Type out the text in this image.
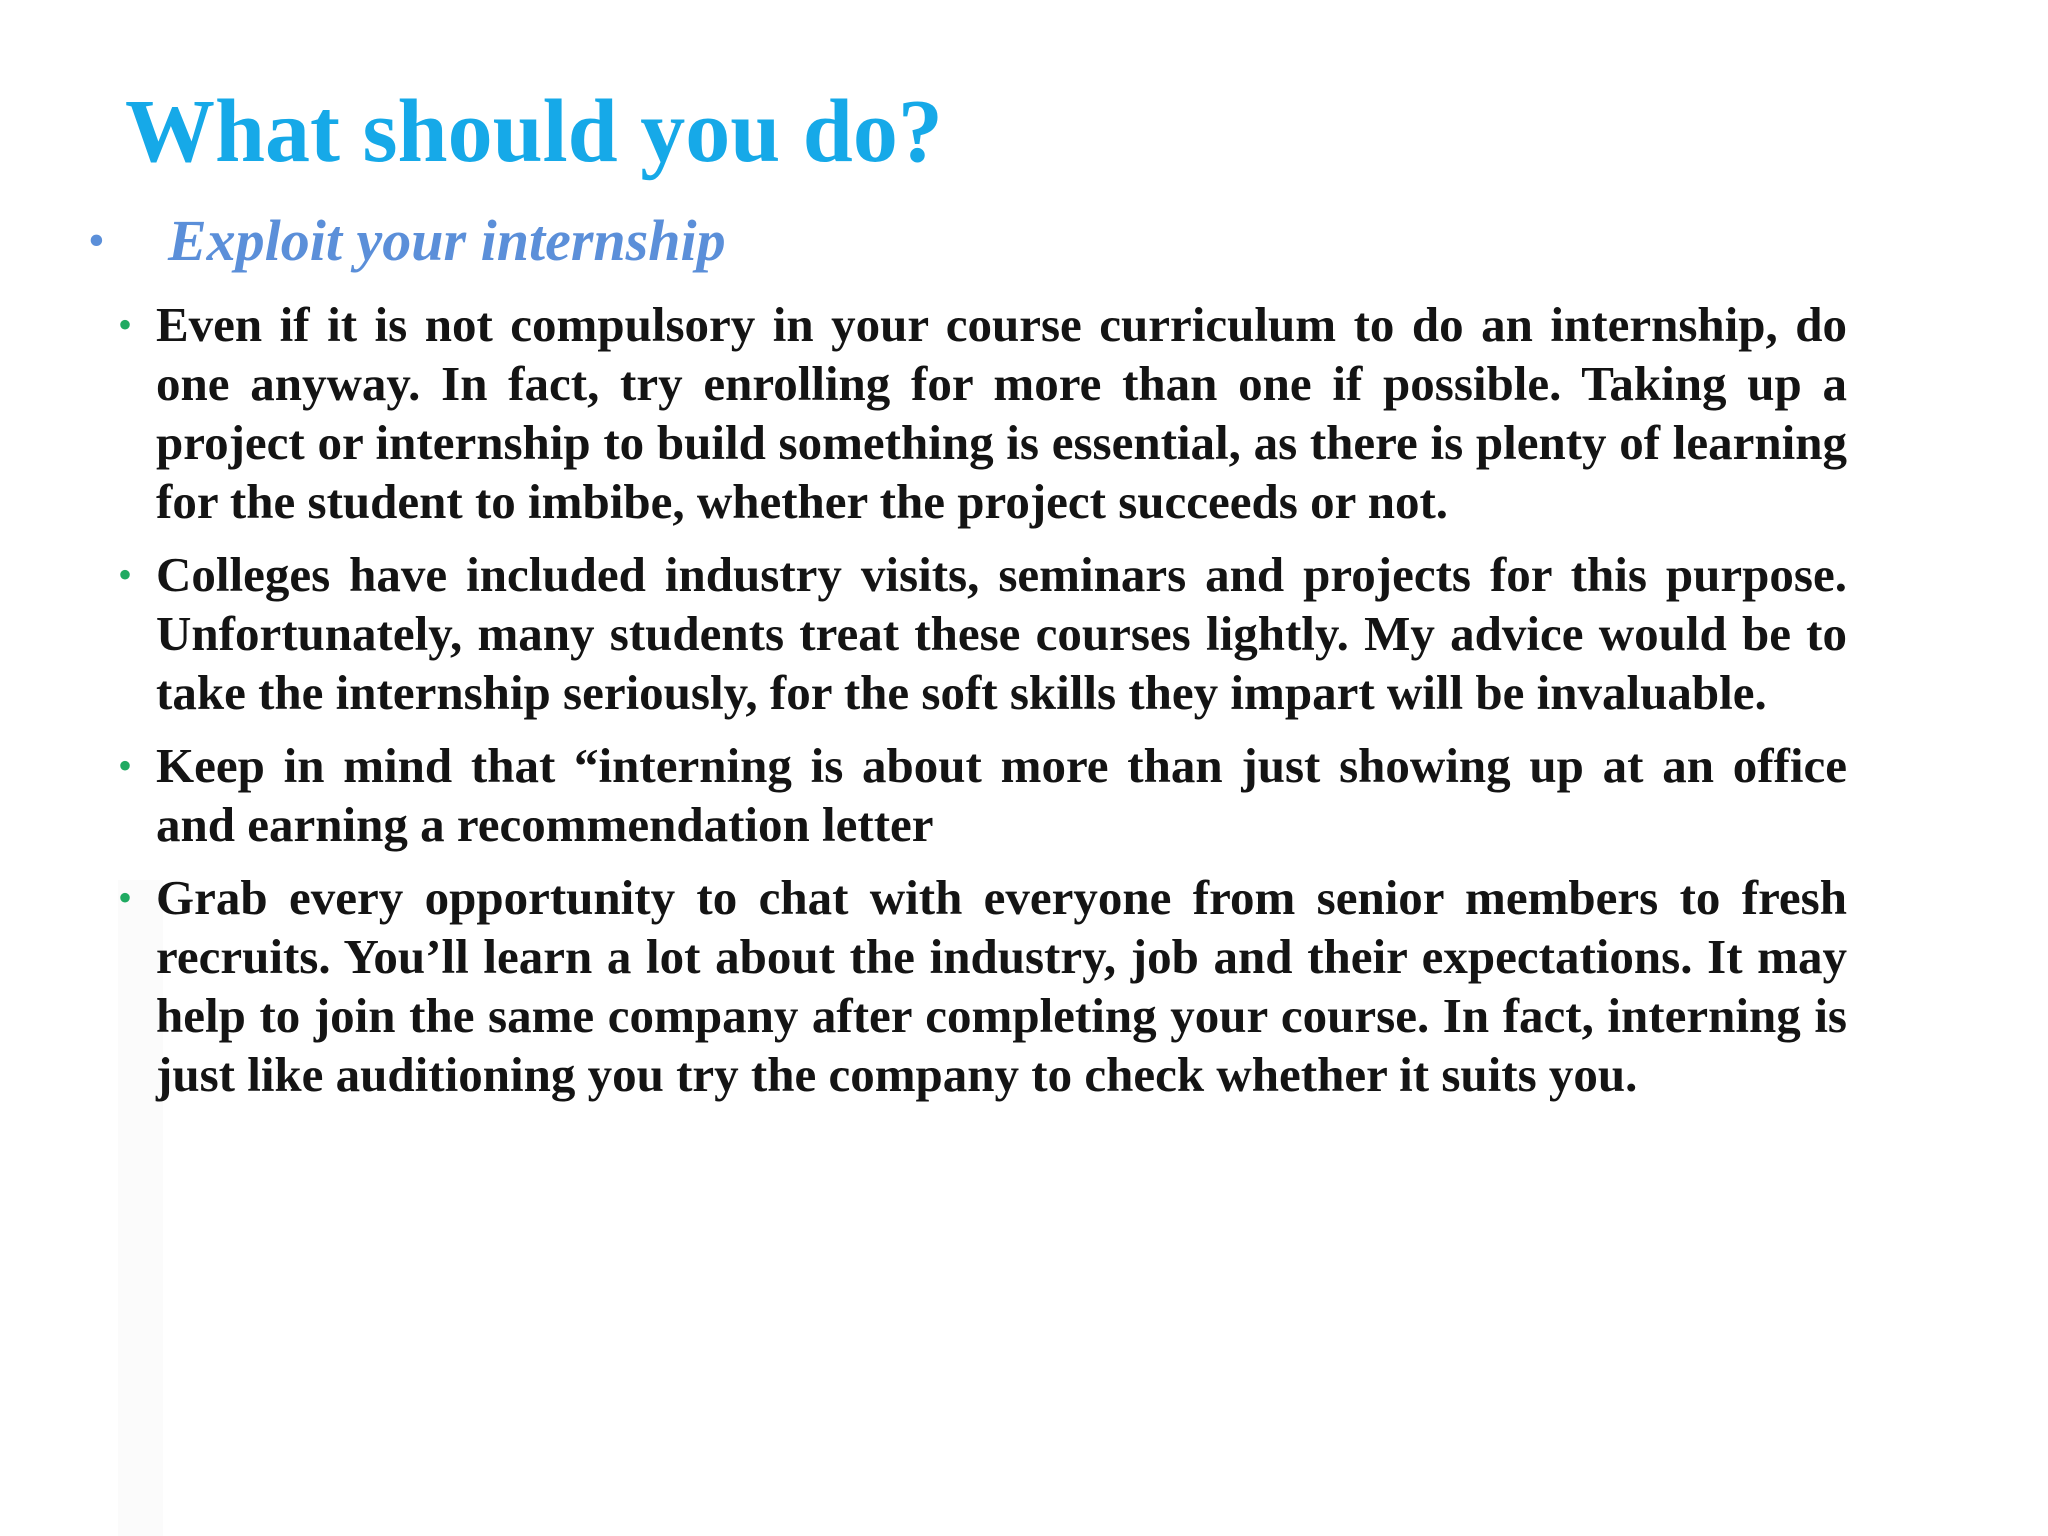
What should you do?
•	Exploit your internship
• Even if it is not compulsory in your course curriculum to do an internship, do one anyway. In fact, try enrolling for more than one if possible. Taking up a project or internship to build something is essential, as there is plenty of learning for the student to imbibe, whether the project succeeds or not.
• Colleges have included industry visits, seminars and projects for this purpose. Unfortunately, many students treat these courses lightly. My advice would be to take the internship seriously, for the soft skills they impart will be invaluable.
• Keep in mind that “interning is about more than just showing up at an office and earning a recommendation letter
• Grab every opportunity to chat with everyone from senior members to fresh recruits. You’ll learn a lot about the industry, job and their expectations. It may help to join the same company after completing your course. In fact, interning is just like auditioning you try the company to check whether it suits you.
